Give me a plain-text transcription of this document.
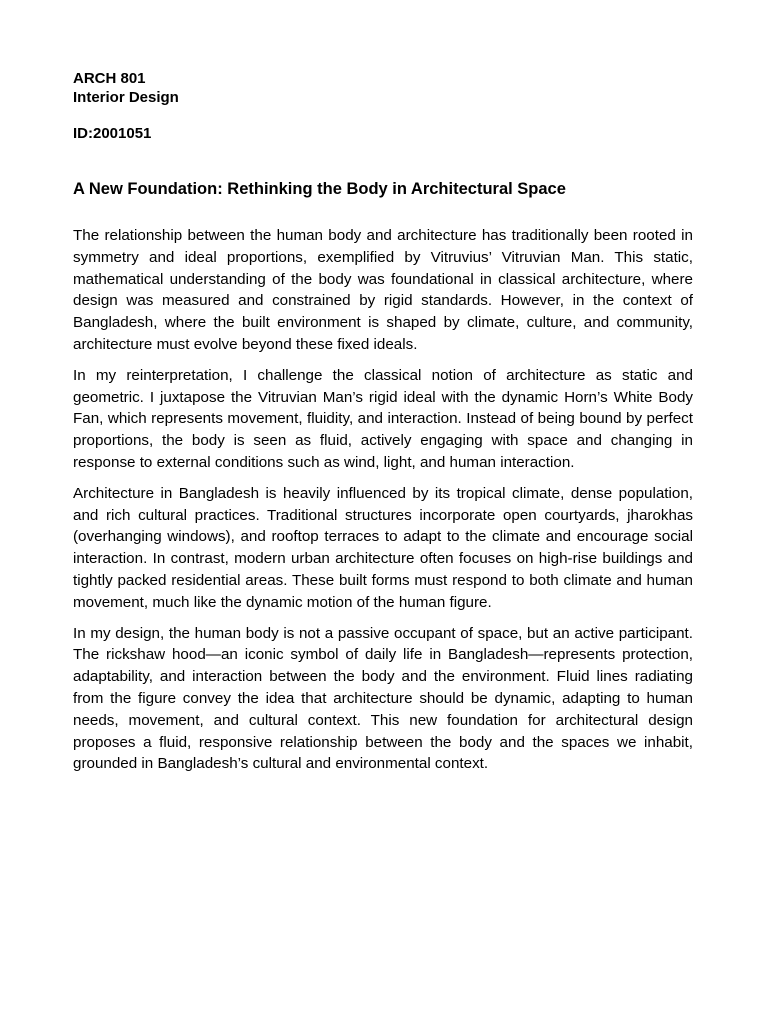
ARCH 801

Interior Design

ID:2001051

A New Foundation: Rethinking the Body in Architectural Space

The relationship between the human body and architecture has traditionally been rooted in symmetry and ideal proportions, exemplified by Vitruvius’ Vitruvian Man. This static, mathematical understanding of the body was foundational in classical architecture, where design was measured and constrained by rigid standards. However, in the context of Bangladesh, where the built environment is shaped by climate, culture, and community, architecture must evolve beyond these fixed ideals.

In my reinterpretation, I challenge the classical notion of architecture as static and geometric. I juxtapose the Vitruvian Man’s rigid ideal with the dynamic Horn’s White Body Fan, which represents movement, fluidity, and interaction. Instead of being bound by perfect proportions, the body is seen as fluid, actively engaging with space and changing in response to external conditions such as wind, light, and human interaction.

Architecture in Bangladesh is heavily influenced by its tropical climate, dense population, and rich cultural practices. Traditional structures incorporate open courtyards, jharokhas (overhanging windows), and rooftop terraces to adapt to the climate and encourage social interaction. In contrast, modern urban architecture often focuses on high-rise buildings and tightly packed residential areas. These built forms must respond to both climate and human movement, much like the dynamic motion of the human figure.

In my design, the human body is not a passive occupant of space, but an active participant. The rickshaw hood—an iconic symbol of daily life in Bangladesh—represents protection, adaptability, and interaction between the body and the environment. Fluid lines radiating from the figure convey the idea that architecture should be dynamic, adapting to human needs, movement, and cultural context. This new foundation for architectural design proposes a fluid, responsive relationship between the body and the spaces we inhabit, grounded in Bangladesh’s cultural and environmental context.
